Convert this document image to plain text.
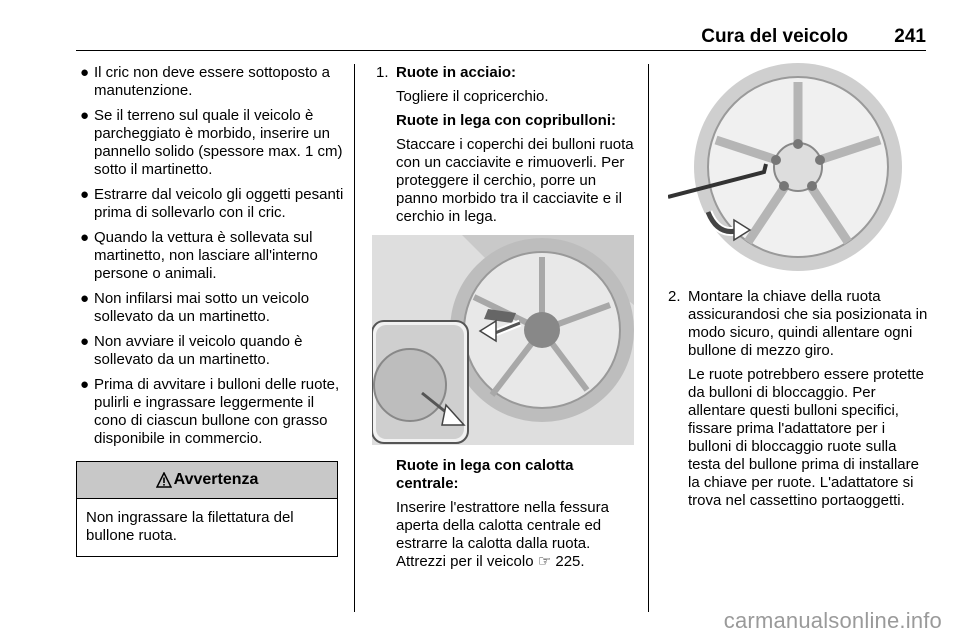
Cura del veicolo 241
● Il cric non deve essere sottoposto a manutenzione.
● Se il terreno sul quale il veicolo è parcheggiato è morbido, inserire un pannello solido (spessore max. 1 cm) sotto il martinetto.
● Estrarre dal veicolo gli oggetti pesanti prima di sollevarlo con il cric.
● Quando la vettura è sollevata sul martinetto, non lasciare all'interno persone o animali.
● Non infilarsi mai sotto un veicolo sollevato da un martinetto.
● Non avviare il veicolo quando è sollevato da un martinetto.
● Prima di avvitare i bulloni delle ruote, pulirli e ingrassare leggermente il cono di ciascun bullone con grasso disponibile in commercio.
Avvertenza
Non ingrassare la filettatura del bullone ruota.
1. Ruote in acciaio:

Togliere il copricerchio.

Ruote in lega con copribulloni:

Staccare i coperchi dei bulloni ruota con un cacciavite e rimuoverli. Per proteggere il cerchio, porre un panno morbido tra il cacciavite e il cerchio in lega.

Ruote in lega con calotta centrale:

Inserire l'estrattore nella fessura aperta della calotta centrale ed estrarre la calotta dalla ruota. Attrezzi per il veicolo ☞ 225.

2. Montare la chiave della ruota assicurandosi che sia posizionata in modo sicuro, quindi allentare ogni bullone di mezzo giro.

Le ruote potrebbero essere protette da bulloni di bloccaggio. Per allentare questi bulloni specifici, fissare prima l'adattatore per i bulloni di bloccaggio ruote sulla testa del bullone prima di installare la chiave per ruote. L'adattatore si trova nel cassettino portaoggetti.

carmanualsonline.info
